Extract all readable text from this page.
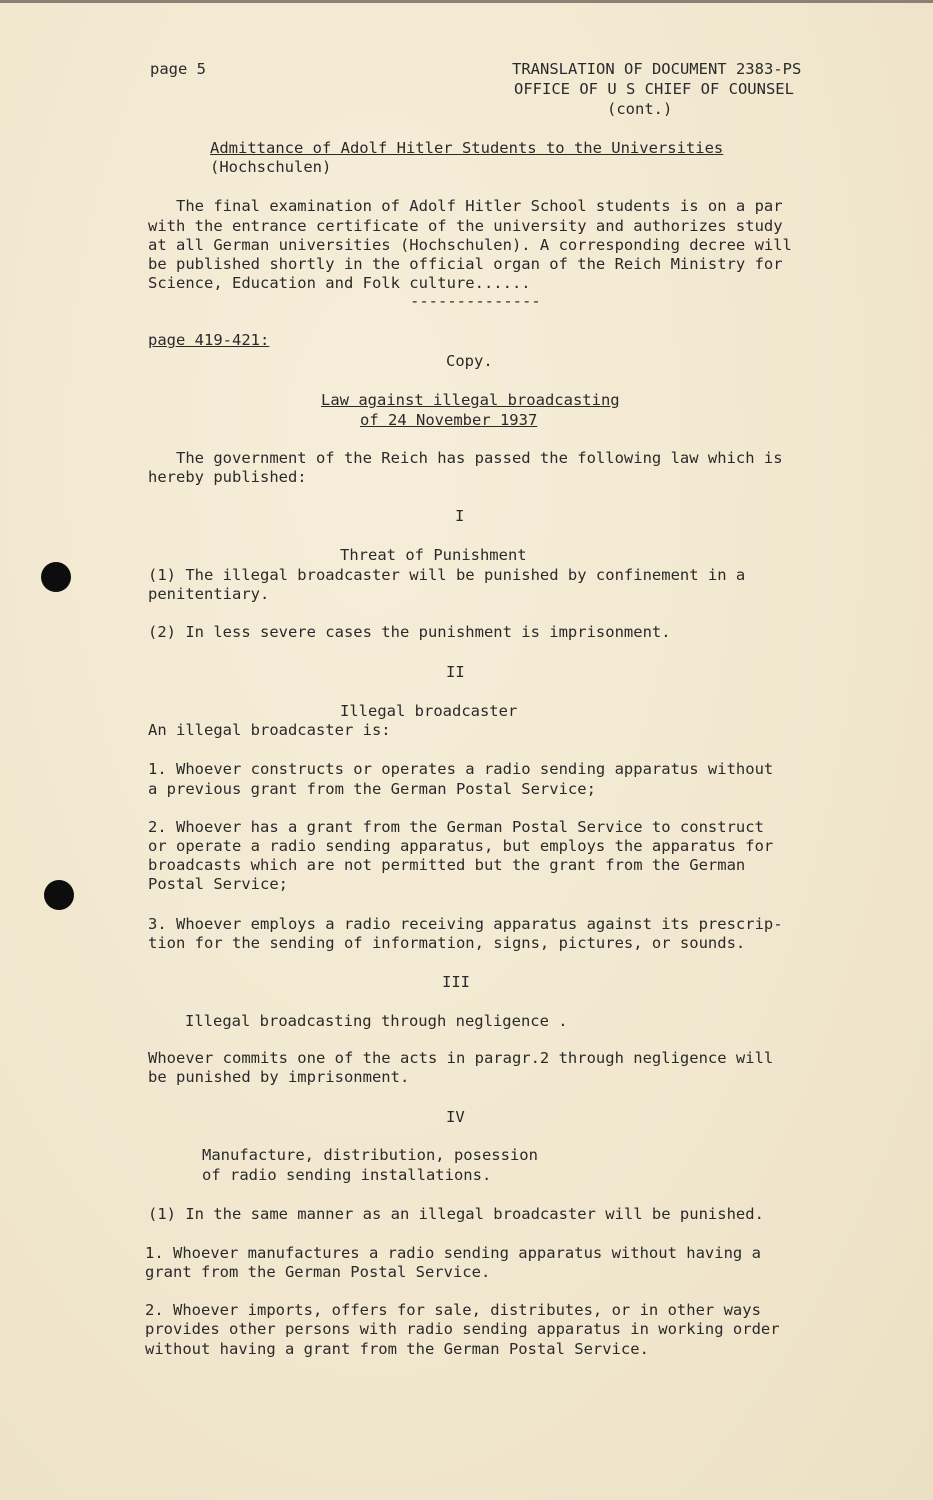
page 5	TRANSLATION OF DOCUMENT 2383-PS
OFFICE OF U S CHIEF OF COUNSEL
(cont.)
Admittance of Adolf Hitler Students to the Universities
(Hochschulen)
The final examination of Adolf Hitler School students is on a par
with the entrance certificate of the university and authorizes study
at all German universities (Hochschulen). A corresponding decree will
be published shortly in the official organ of the Reich Ministry for
Science, Education and Folk culture......
--------------
page 419-421:
Copy.
Law against illegal broadcasting
of 24 November 1937
The government of the Reich has passed the following law which is
hereby published:
I
Threat of Punishment
(1) The illegal broadcaster will be punished by confinement in a
penitentiary.
(2) In less severe cases the punishment is imprisonment.
II
Illegal broadcaster
An illegal broadcaster is:
1. Whoever constructs or operates a radio sending apparatus without
a previous grant from the German Postal Service;
2. Whoever has a grant from the German Postal Service to construct
or operate a radio sending apparatus, but employs the apparatus for
broadcasts which are not permitted but the grant from the German
Postal Service;
3. Whoever employs a radio receiving apparatus against its prescrip-
tion for the sending of information, signs, pictures, or sounds.
III
Illegal broadcasting through negligence .
Whoever commits one of the acts in paragr.2 through negligence will
be punished by imprisonment.
IV
Manufacture, distribution, posession
of radio sending installations.
(1) In the same manner as an illegal broadcaster will be punished.
1. Whoever manufactures a radio sending apparatus without having a
grant from the German Postal Service.
2. Whoever imports, offers for sale, distributes, or in other ways
provides other persons with radio sending apparatus in working order
without having a grant from the German Postal Service.
